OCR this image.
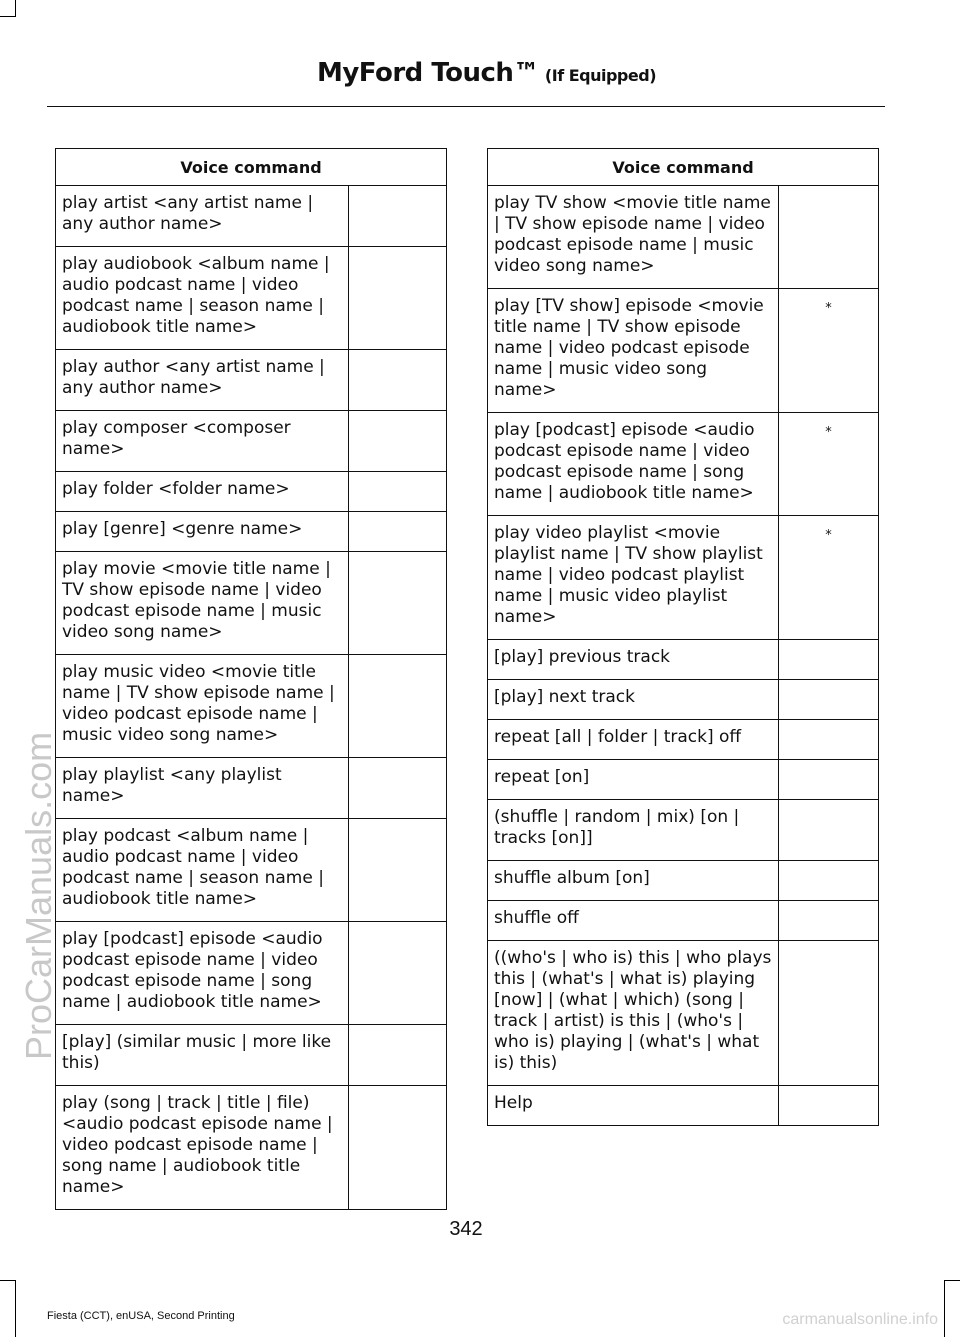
MyFord Touch™ (If Equipped)
ProCarManuals.com
Voice command	
play artist <any artist name | any author name>	
play audiobook <album name | audio podcast name | video podcast name | season name | audiobook title name>	
play author <any artist name | any author name>	
play composer <composer name>	
play folder <folder name>	
play [genre] <genre name>	
play movie <movie title name | TV show episode name | video podcast episode name | music video song name>	
play music video <movie title name | TV show episode name | video podcast episode name | music video song name>	
play playlist <any playlist name>	
play podcast <album name | audio podcast name | video podcast name | season name | audiobook title name>	
play [podcast] episode <audio podcast episode name | video podcast episode name | song name | audiobook title name>	
[play] (similar music | more like this)	
play (song | track | title | file) <audio podcast episode name | video podcast episode name | song name | audiobook title name>	
Voice command	
play TV show <movie title name | TV show episode name | video podcast episode name | music video song name>	
play [TV show] episode <movie title name | TV show episode name | video podcast episode name | music video song name>	*
play [podcast] episode <audio podcast episode name | video podcast episode name | song name | audiobook title name>	*
play video playlist <movie playlist name | TV show playlist name | video podcast playlist name | music video playlist name>	*
[play] previous track	
[play] next track	
repeat [all | folder | track] off	
repeat [on]	
(shuffle | random | mix) [on | tracks [on]]	
shuffle album [on]	
shuffle off	
((who's | who is) this | who plays this | (what's | what is) playing [now] | (what | which) (song | track | artist) is this | (who's | who is) playing | (what's | what is) this)	
Help	
342
Fiesta (CCT), enUSA, Second Printing	carmanualsonline.info
